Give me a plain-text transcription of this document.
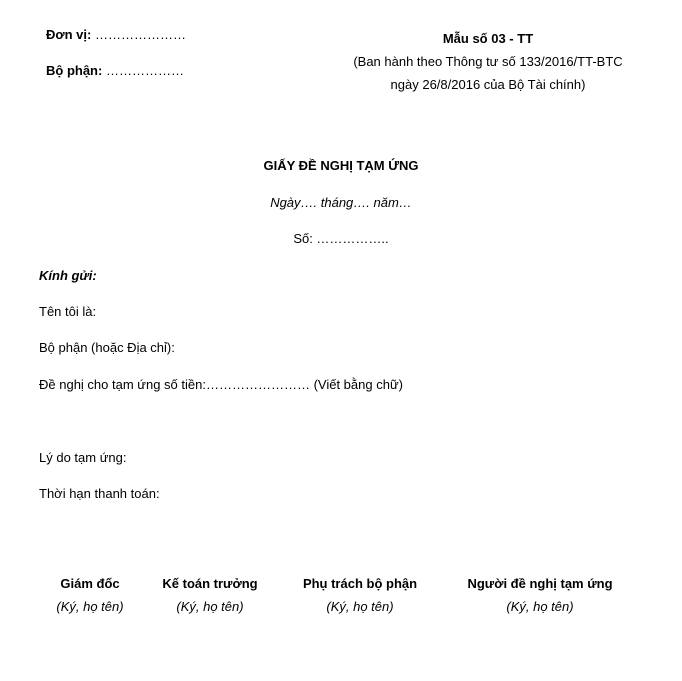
Đơn vị: …………………
Bộ phận: ………………
Mẫu số 03 - TT
(Ban hành theo Thông tư số 133/2016/TT-BTC
ngày 26/8/2016 của Bộ Tài chính)
GIẤY ĐỀ NGHỊ TẠM ỨNG
Ngày…. tháng…. năm…
Số: ……………..
Kính gửi:
Tên tôi là:
Bộ phận (hoặc Địa chỉ):
Đề nghị cho tạm ứng số tiền:…………………… (Viết bằng chữ)
Lý do tạm ứng:
Thời hạn thanh toán:
Giám đốc
(Ký, họ tên)
Kế toán trưởng
(Ký, họ tên)
Phụ trách bộ phận
(Ký, họ tên)
Người đề nghị tạm ứng
(Ký, họ tên)
